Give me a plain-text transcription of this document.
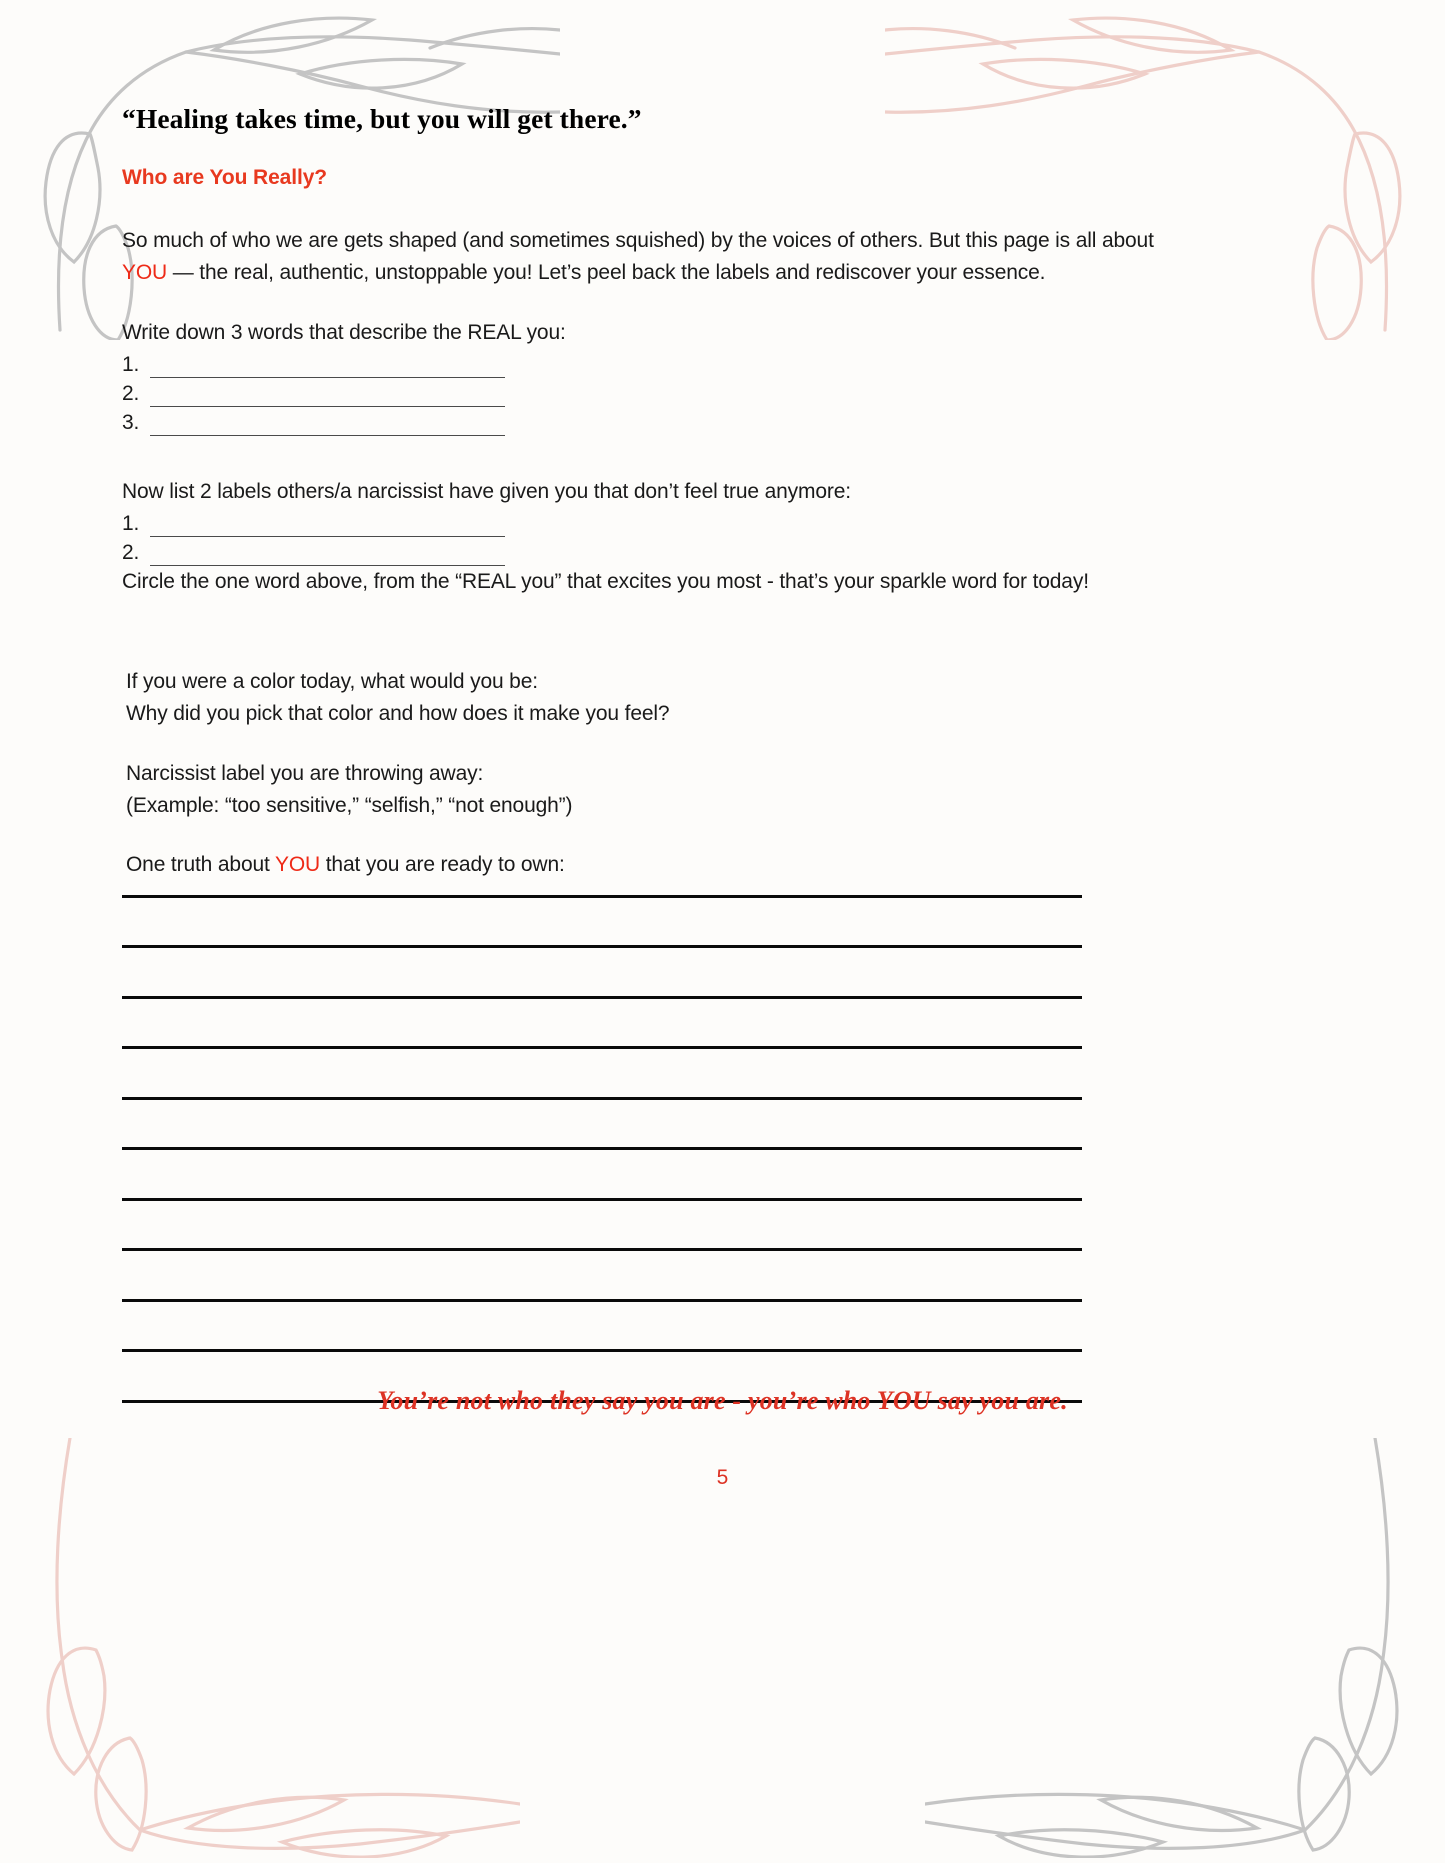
“Healing takes time, but you will get there.”
Who are You Really?

So much of who we are gets shaped (and sometimes squished) by the voices of others. But this page is all about YOU — the real, authentic, unstoppable you! Let’s peel back the labels and rediscover your essence.

Write down 3 words that describe the REAL you:

1.
2.
3.

Now list 2 labels others/a narcissist have given you that don’t feel true anymore:

1.
2.

Circle the one word above, from the “REAL you” that excites you most - that’s your sparkle word for today!

If you were a color today, what would you be:

Why did you pick that color and how does it make you feel?

Narcissist label you are throwing away:

(Example: “too sensitive,” “selfish,” “not enough”)

One truth about YOU that you are ready to own:

You’re not who they say you are - you’re who YOU say you are.
5
